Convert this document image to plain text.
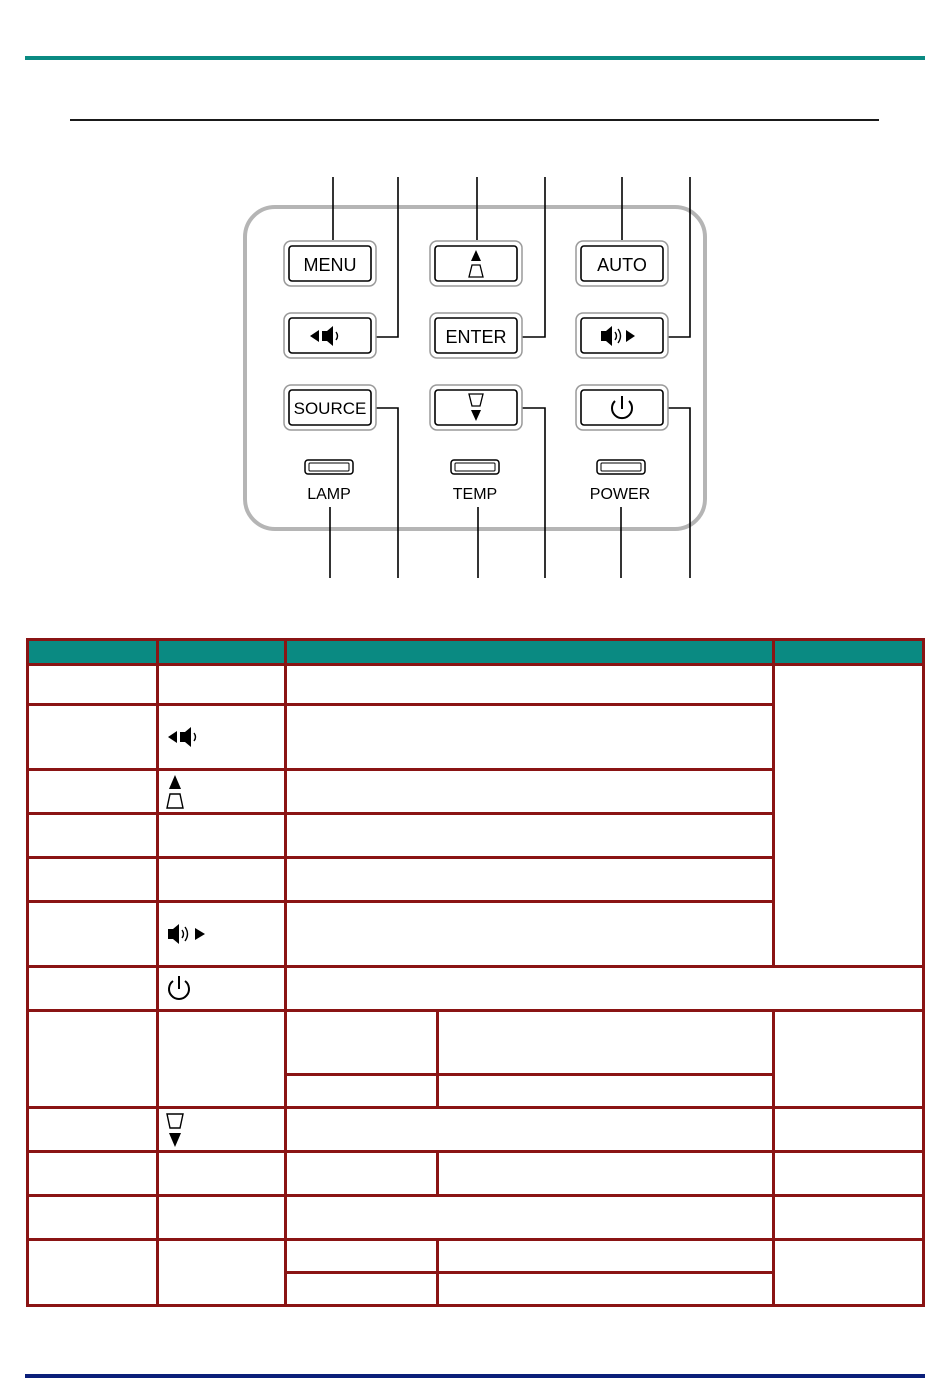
MENU	AUTO
ENTER
SOURCE
LAMP	TEMP	POWER
